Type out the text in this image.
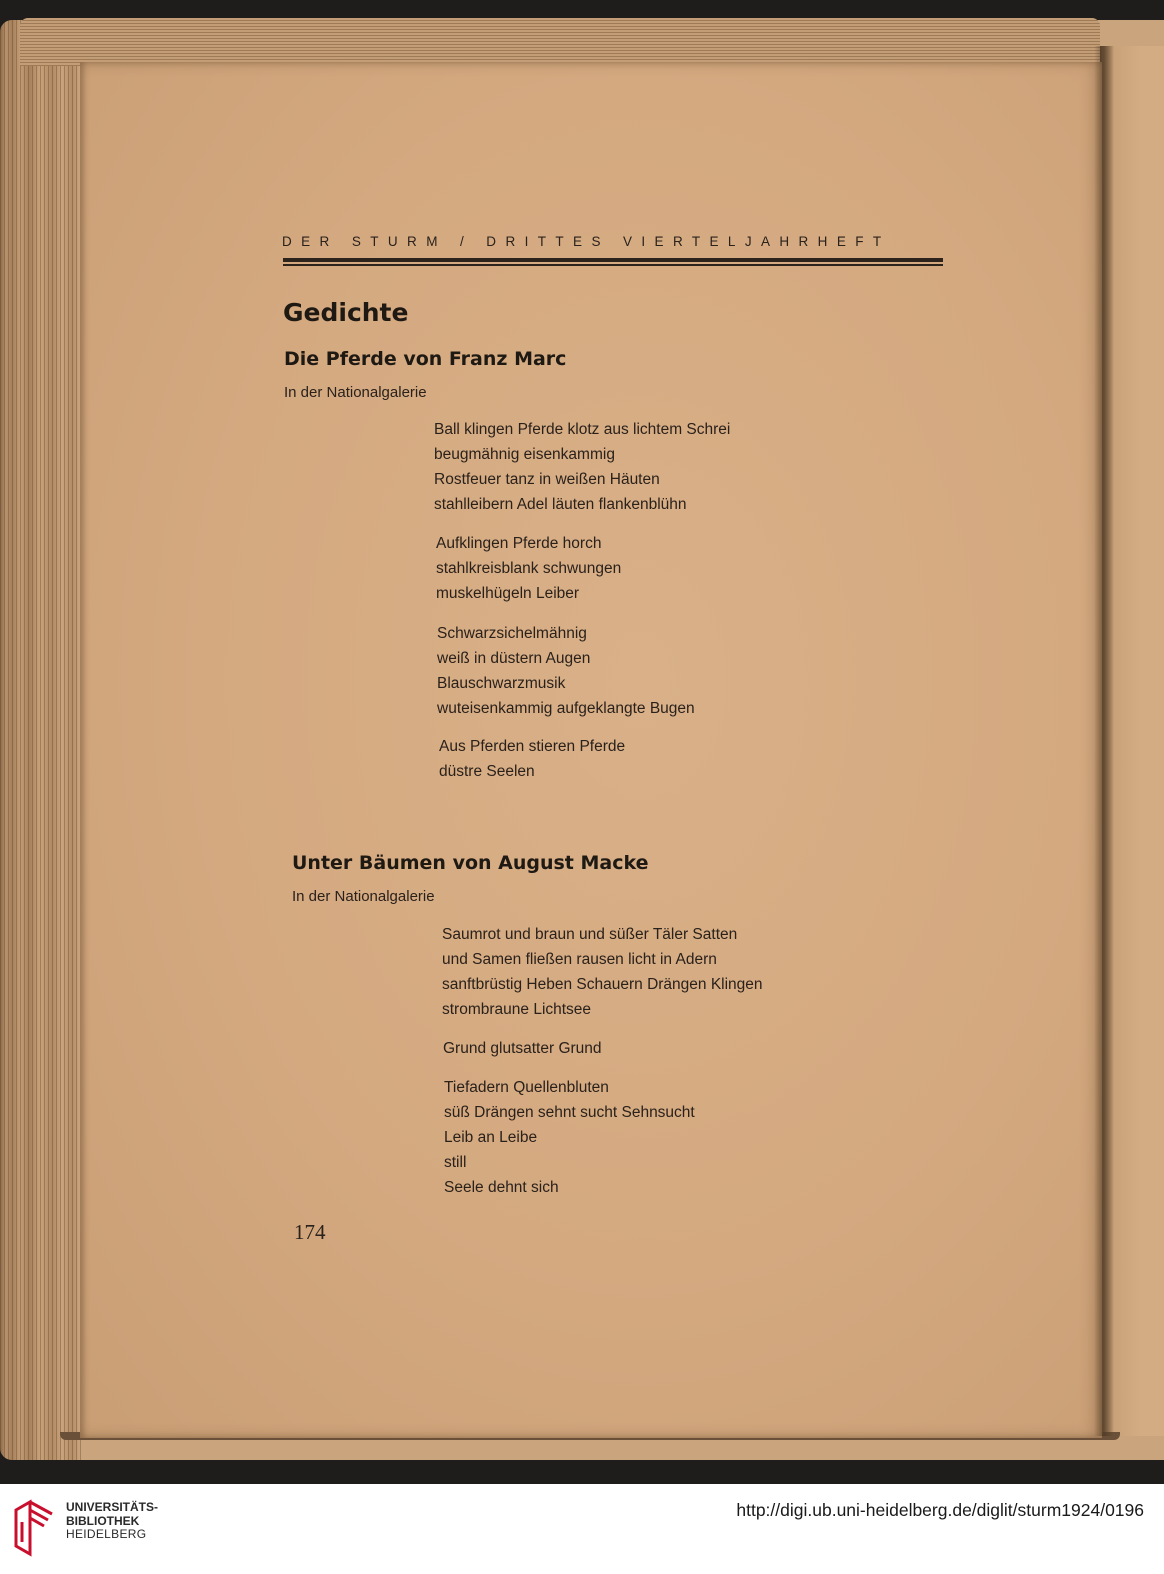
DER STURM / DRITTES VIERTELJAHRHEFT
Gedichte
Die Pferde von Franz Marc
In der Nationalgalerie
Ball klingen Pferde klotz aus lichtem Schrei
beugmähnig eisenkammig
Rostfeuer tanz in weißen Häuten
stahlleibern Adel läuten flankenblühn
Aufklingen Pferde horch
stahlkreisblank schwungen
muskelhügeln Leiber
Schwarzsichelmähnig
weiß in düstern Augen
Blauschwarzmusik
wuteisenkammig aufgeklangte Bugen
Aus Pferden stieren Pferde
düstre Seelen
Unter Bäumen von August Macke
In der Nationalgalerie
Saumrot und braun und süßer Täler Satten
und Samen fließen rausen licht in Adern
sanftbrüstig Heben Schauern Drängen Klingen
strombraune Lichtsee
Grund glutsatter Grund
Tiefadern Quellenbluten
süß Drängen sehnt sucht Sehnsucht
Leib an Leibe
still
Seele dehnt sich
174
UNIVERSITÄTS-
BIBLIOTHEK
HEIDELBERG
http://digi.ub.uni-heidelberg.de/diglit/sturm1924/0196
